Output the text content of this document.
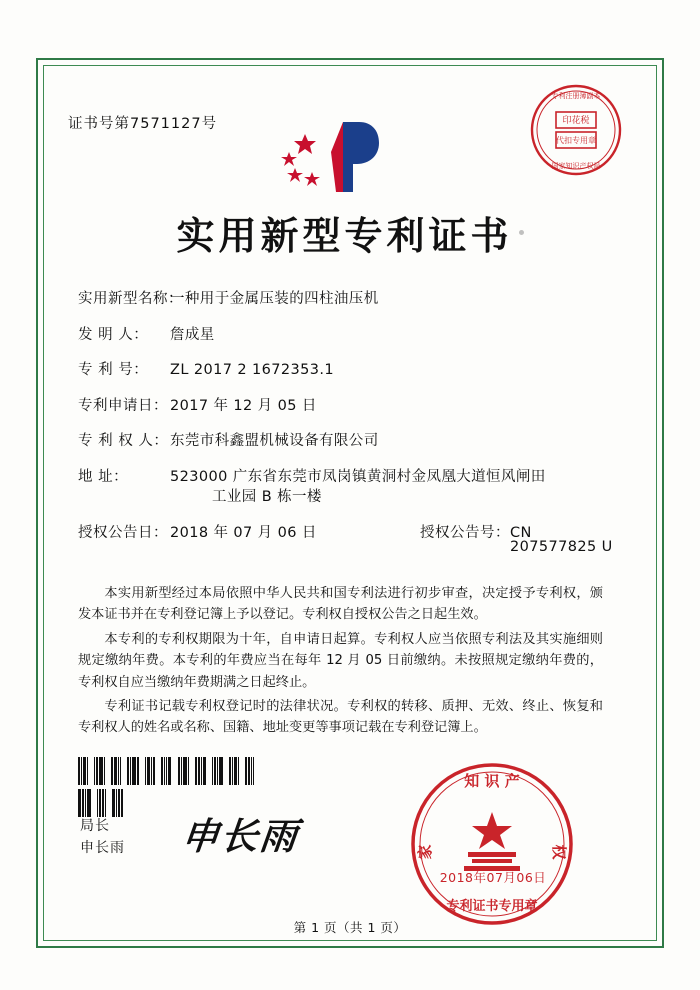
证书号第7571127号	印花税
代扣专用章
专利注册簿副本
国家知识产权局
实用新型专利证书
实用新型名称：
一种用于金属压装的四柱油压机
发 明 人：	詹成星
专 利 号：	ZL 2017 2 1672353.1
专利申请日： 2017 年 12 月 05 日
专 利 权 人： 东莞市科鑫盟机械设备有限公司
地 址：	523000 广东省东莞市凤岗镇黄洞村金凤凰大道恒风闸田
工业园 B 栋一楼
授权公告日： 2018 年 07 月 06 日	授权公告号： CN 207577825 U

本实用新型经过本局依照中华人民共和国专利法进行初步审查，决定授予专利权，颁发本证书并在专利登记簿上予以登记。专利权自授权公告之日起生效。

本专利的专利权期限为十年，自申请日起算。专利权人应当依照专利法及其实施细则规定缴纳年费。本专利的年费应当在每年 12 月 05 日前缴纳。未按照规定缴纳年费的，专利权自应当缴纳年费期满之日起终止。

专利证书记载专利权登记时的法律状况。专利权的转移、质押、无效、终止、恢复和专利权人的姓名或名称、国籍、地址变更等事项记载在专利登记簿上。

局长
申长雨 申长雨
知 识 产
家	权
专利证书专用章
2018年07月06日
第 1 页（共 1 页）
